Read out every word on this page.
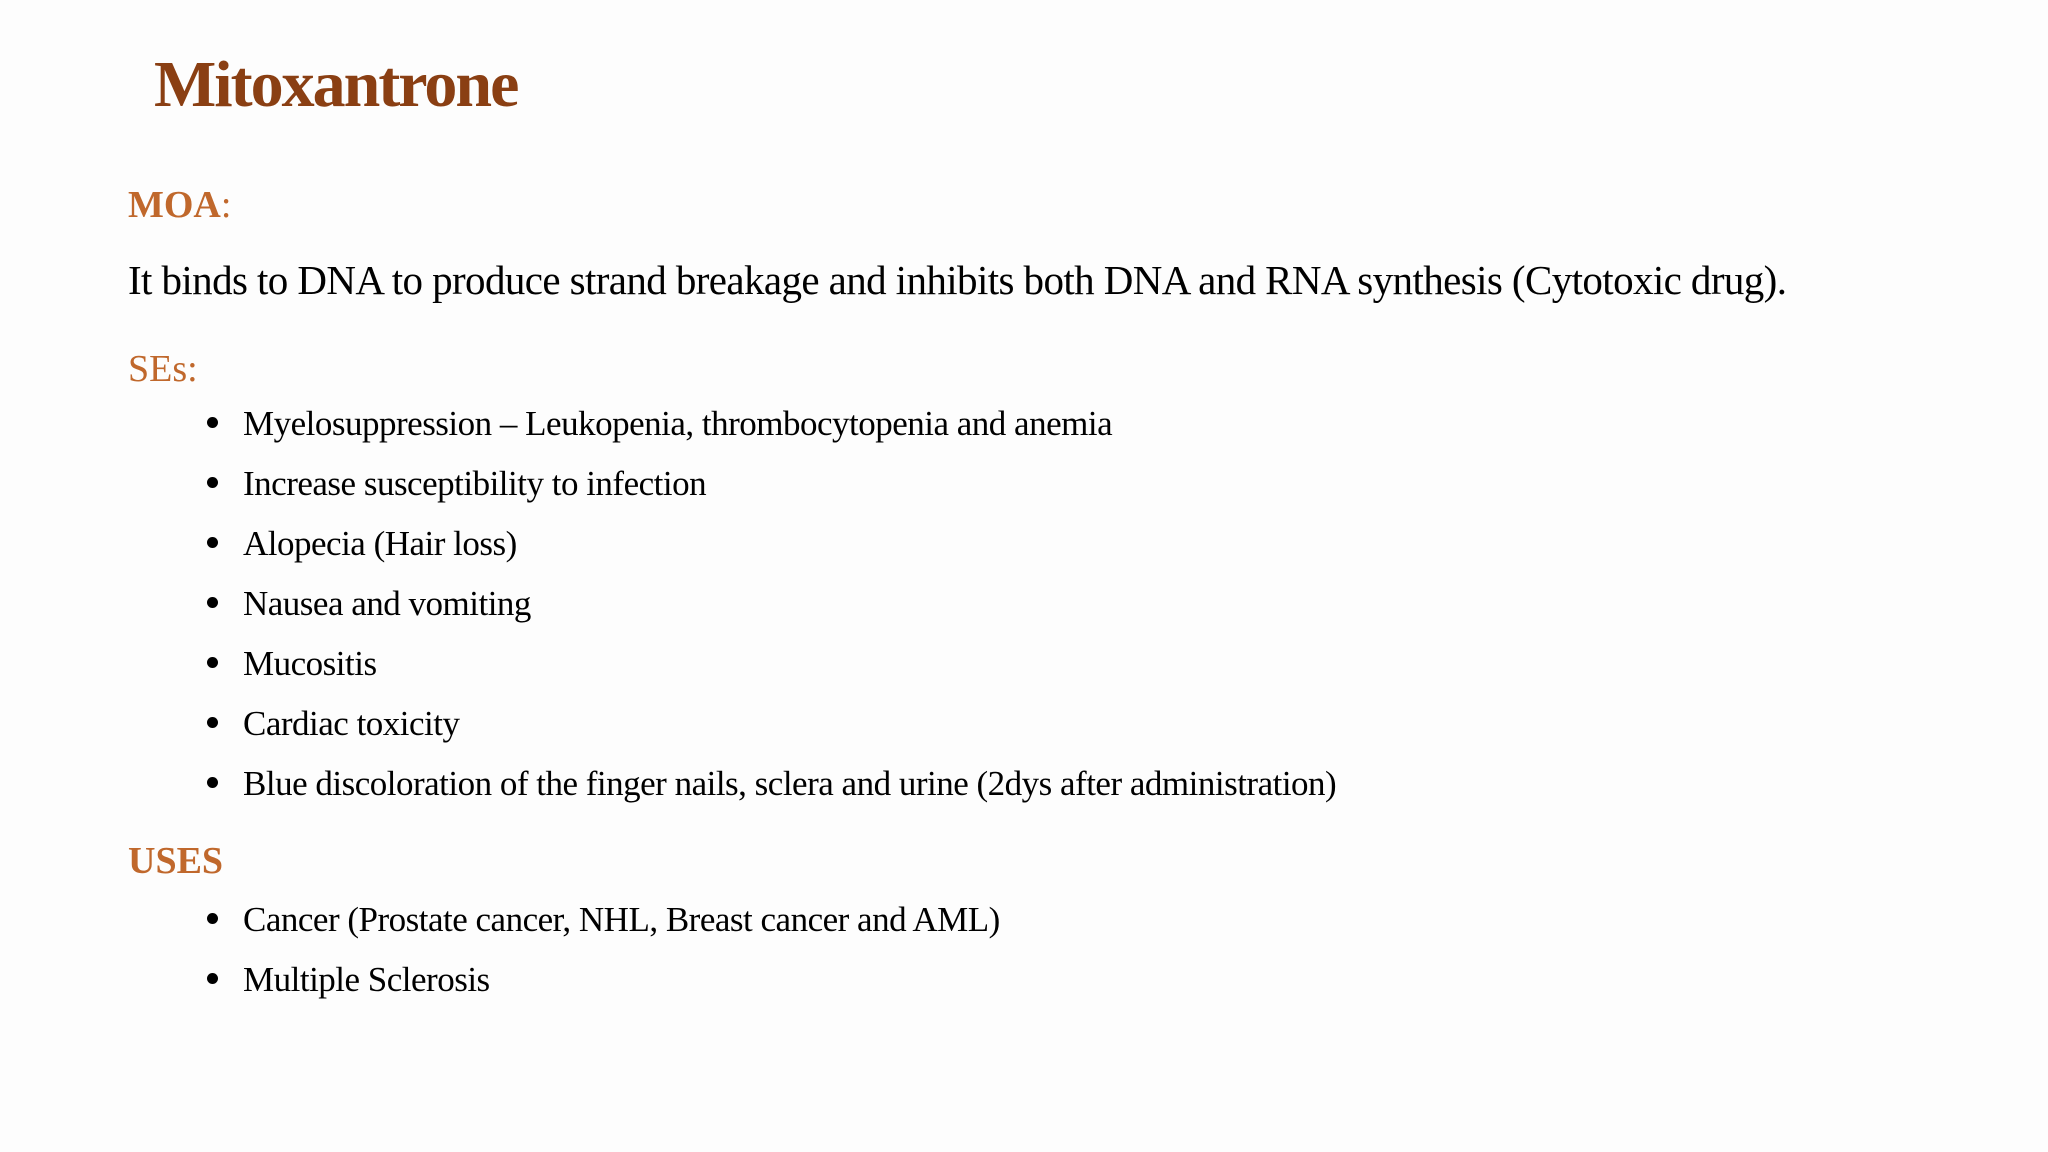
Mitoxantrone
MOA:

It binds to DNA to produce strand breakage and inhibits both DNA and RNA synthesis (Cytotoxic drug).

SEs:
Myelosuppression – Leukopenia, thrombocytopenia and anemia
Increase susceptibility to infection
Alopecia (Hair loss)
Nausea and vomiting
Mucositis
Cardiac toxicity
Blue discoloration of the finger nails, sclera and urine (2dys after administration)
USES
Cancer (Prostate cancer, NHL, Breast cancer and AML)
Multiple Sclerosis
